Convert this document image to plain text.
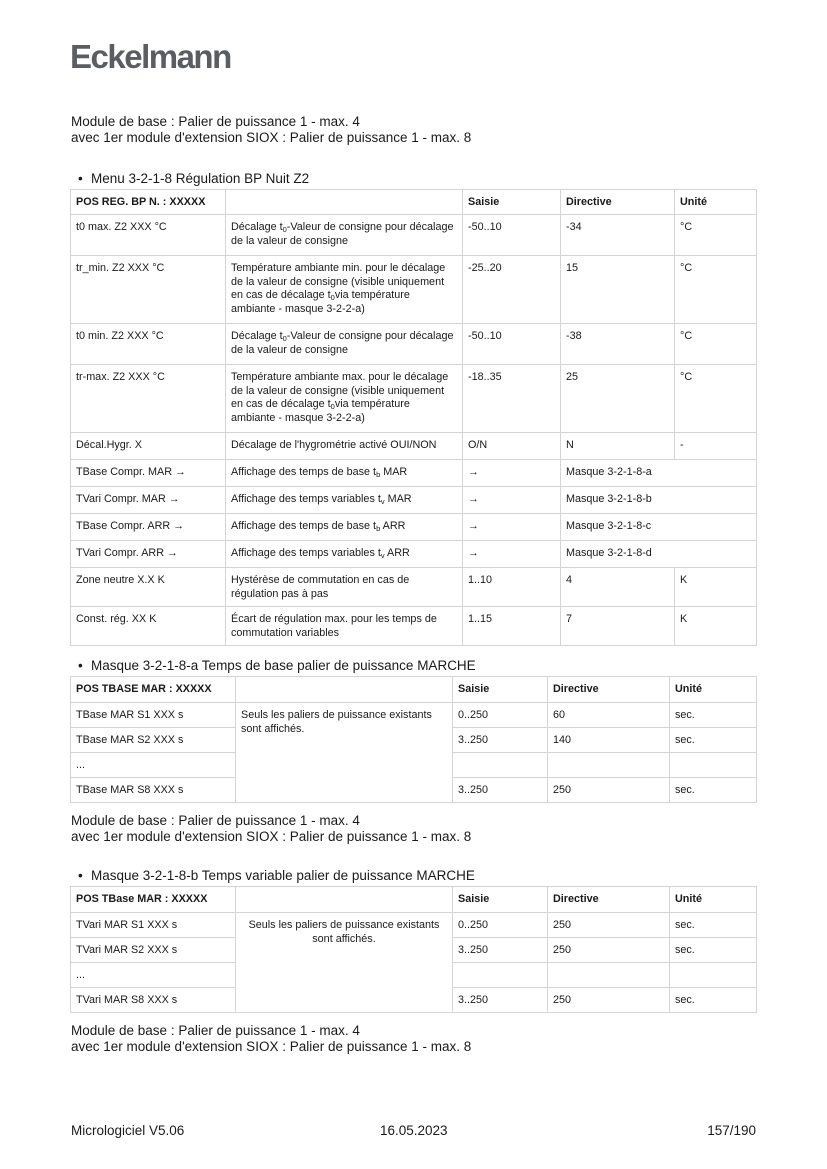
Eckelmann
Module de base : Palier de puissance 1 - max. 4
avec 1er module d'extension SIOX : Palier de puissance 1 - max. 8
• Menu 3-2-1-8 Régulation BP Nuit Z2
POS REG. BP N. : XXXXX		Saisie	Directive	Unité
t0 max. Z2 XXX °C	Décalage $t_0$-Valeur de consigne pour décalage de la valeur de consigne	-50..10	-34	°C
tr_min. Z2 XXX °C	Température ambiante min. pour le décalage de la valeur de consigne (visible uniquement en cas de décalage $t_0via$ température ambiante - masque 3-2-2-a)	-25..20	15	°C
t0 min. Z2 XXX °C	Décalage $t_0$-Valeur de consigne pour décalage de la valeur de consigne	-50..10	-38	°C
tr-max. Z2 XXX °C	Température ambiante max. pour le décalage de la valeur de consigne (visible uniquement en cas de décalage $t_0via$ température ambiante - masque 3-2-2-a)	-18..35	25	°C
Décal.Hygr. X	Décalage de l'hygrométrie activé OUI/NON	O/N	N	-
TBase Compr. MAR →	Affichage des temps de base $t_b$ MAR	→	Masque 3-2-1-8-a	
TVari Compr. MAR →	Affichage des temps variables $t_v$ MAR	→	Masque 3-2-1-8-b	
TBase Compr. ARR →	Affichage des temps de base $t_b$ ARR	→	Masque 3-2-1-8-c	
TVari Compr. ARR →	Affichage des temps variables $t_v$ ARR	→	Masque 3-2-1-8-d	
Zone neutre X.X K	Hystérèse de commutation en cas de régulation pas à pas	1..10	4	K
Const. rég. XX K	Écart de régulation max. pour les temps de commutation variables	1..15	7	K
• Masque 3-2-1-8-a Temps de base palier de puissance MARCHE
POS TBASE MAR : XXXXX		Saisie	Directive	Unité
TBase MAR S1 XXX s	Seuls les paliers de puissance existants sont affichés.	0..250	60	sec.
TBase MAR S2 XXX s		3..250	140	sec.
...				
TBase MAR S8 XXX s		3..250	250	sec.
Module de base : Palier de puissance 1 - max. 4
avec 1er module d'extension SIOX : Palier de puissance 1 - max. 8
• Masque 3-2-1-8-b Temps variable palier de puissance MARCHE
POS TBase MAR : XXXXX		Saisie	Directive	Unité
TVari MAR S1 XXX s	Seuls les paliers de puissance existants sont affichés.	0..250	250	sec.
TVari MAR S2 XXX s		3..250	250	sec.
...				
TVari MAR S8 XXX s		3..250	250	sec.
Module de base : Palier de puissance 1 - max. 4
avec 1er module d'extension SIOX : Palier de puissance 1 - max. 8
Micrologiciel V5.06	16.05.2023	157/190
